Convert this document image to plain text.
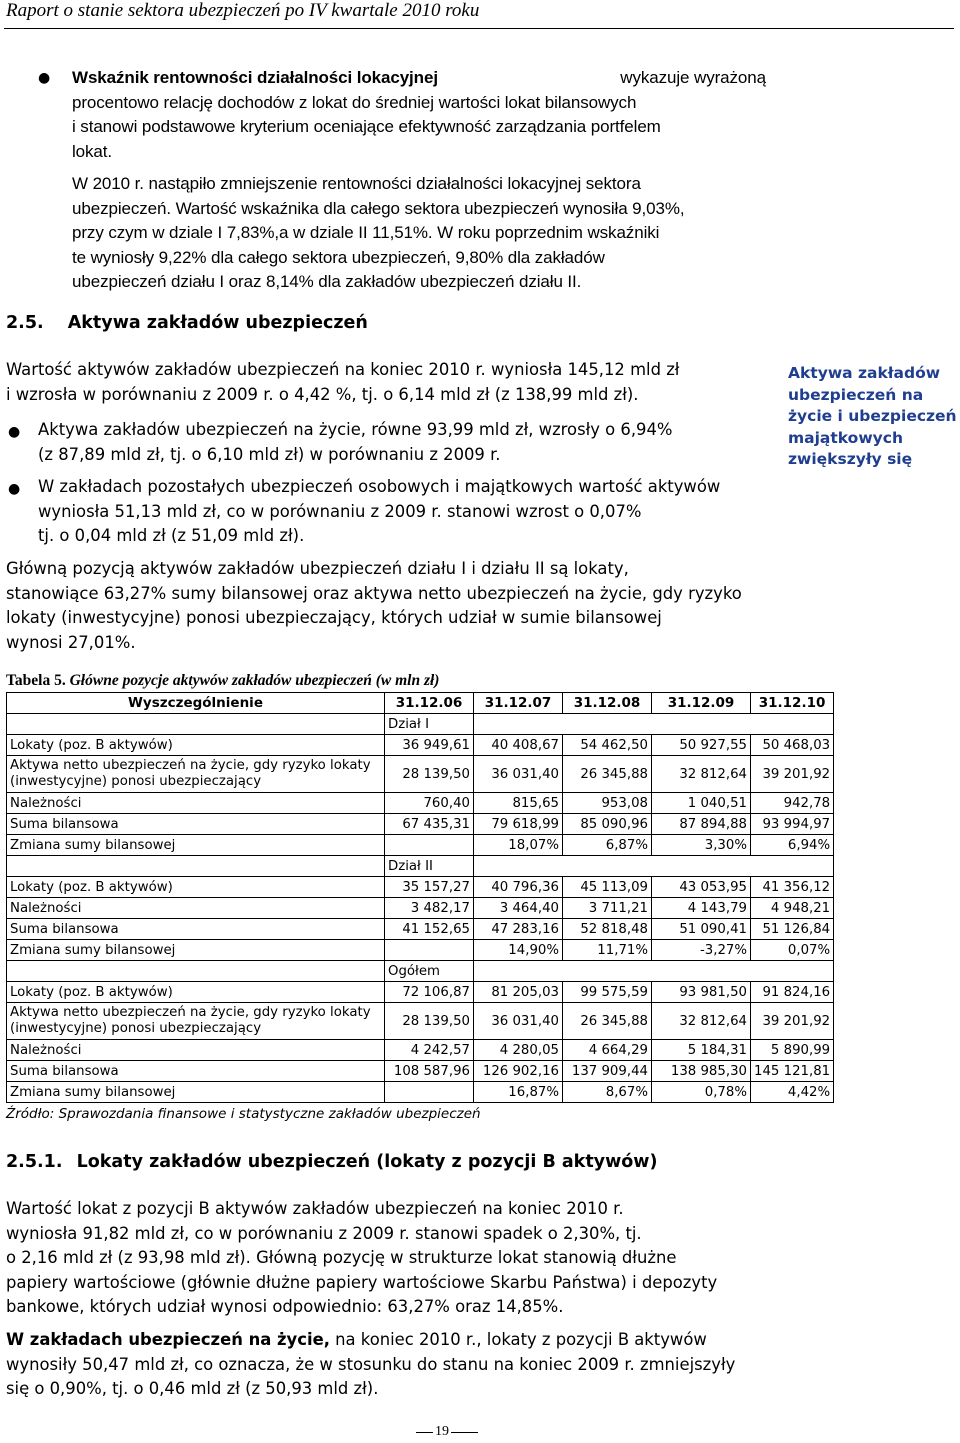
Raport o stanie sektora ubezpieczeń po IV kwartale 2010 roku
● Wskaźnik rentowności działalności lokacyjnej	wykazuje wyrażoną
procentowo relację dochodów z lokat do średniej wartości lokat bilansowych
i stanowi podstawowe kryterium oceniające efektywność zarządzania portfelem
lokat.
W 2010 r. nastąpiło zmniejszenie rentowności działalności lokacyjnej sektora
ubezpieczeń. Wartość wskaźnika dla całego sektora ubezpieczeń wynosiła 9,03%,
przy czym w dziale I 7,83%,a w dziale II 11,51%. W roku poprzednim wskaźniki
te wyniosły 9,22% dla całego sektora ubezpieczeń, 9,80% dla zakładów
ubezpieczeń działu I oraz 8,14% dla zakładów ubezpieczeń działu II.
2.5. Aktywa zakładów ubezpieczeń
Wartość aktywów zakładów ubezpieczeń na koniec 2010 r. wyniosła 145,12 mld zł
i wzrosła w porównaniu z 2009 r. o 4,42 %, tj. o 6,14 mld zł (z 138,99 mld zł).
● Aktywa zakładów ubezpieczeń na życie, równe 93,99 mld zł, wzrosły o 6,94%
(z 87,89 mld zł, tj. o 6,10 mld zł) w porównaniu z 2009 r.
● W zakładach pozostałych ubezpieczeń osobowych i majątkowych wartość aktywów
wyniosła 51,13 mld zł, co w porównaniu z 2009 r. stanowi wzrost o 0,07%
tj. o 0,04 mld zł (z 51,09 mld zł).
Główną pozycją aktywów zakładów ubezpieczeń działu I i działu II są lokaty,
stanowiące 63,27% sumy bilansowej oraz aktywa netto ubezpieczeń na życie, gdy ryzyko
lokaty (inwestycyjne) ponosi ubezpieczający, których udział w sumie bilansowej
wynosi 27,01%.
Aktywa zakładów ubezpieczeń na życie i ubezpieczeń majątkowych zwiększyły się
Tabela 5. Główne pozycje aktywów zakładów ubezpieczeń (w mln zł)
Wyszczególnienie	31.12.06	31.12.07	31.12.08	31.12.09	31.12.10
	Dział I				
Lokaty (poz. B aktywów)	36 949,61	40 408,67	54 462,50	50 927,55	50 468,03
Aktywa netto ubezpieczeń na życie, gdy ryzyko lokaty (inwestycyjne) ponosi ubezpieczający	28 139,50	36 031,40	26 345,88	32 812,64	39 201,92
Należności	760,40	815,65	953,08	1 040,51	942,78
Suma bilansowa	67 435,31	79 618,99	85 090,96	87 894,88	93 994,97
Zmiana sumy bilansowej		18,07%	6,87%	3,30%	6,94%
	Dział II				
Lokaty (poz. B aktywów)	35 157,27	40 796,36	45 113,09	43 053,95	41 356,12
Należności	3 482,17	3 464,40	3 711,21	4 143,79	4 948,21
Suma bilansowa	41 152,65	47 283,16	52 818,48	51 090,41	51 126,84
Zmiana sumy bilansowej		14,90%	11,71%	-3,27%	0,07%
	Ogółem				
Lokaty (poz. B aktywów)	72 106,87	81 205,03	99 575,59	93 981,50	91 824,16
Aktywa netto ubezpieczeń na życie, gdy ryzyko lokaty (inwestycyjne) ponosi ubezpieczający	28 139,50	36 031,40	26 345,88	32 812,64	39 201,92
Należności	4 242,57	4 280,05	4 664,29	5 184,31	5 890,99
Suma bilansowa	108 587,96	126 902,16	137 909,44	138 985,30	145 121,81
Zmiana sumy bilansowej		16,87%	8,67%	0,78%	4,42%
Źródło: Sprawozdania finansowe i statystyczne zakładów ubezpieczeń
2.5.1. Lokaty zakładów ubezpieczeń (lokaty z pozycji B aktywów)
Wartość lokat z pozycji B aktywów zakładów ubezpieczeń na koniec 2010 r.
wyniosła 91,82 mld zł, co w porównaniu z 2009 r. stanowi spadek o 2,30%, tj.
o 2,16 mld zł (z 93,98 mld zł). Główną pozycję w strukturze lokat stanowią dłużne
papiery wartościowe (głównie dłużne papiery wartościowe Skarbu Państwa) i depozyty
bankowe, których udział wynosi odpowiednio: 63,27% oraz 14,85%.
W zakładach ubezpieczeń na życie, na koniec 2010 r., lokaty z pozycji B aktywów
wynosiły 50,47 mld zł, co oznacza, że w stosunku do stanu na koniec 2009 r. zmniejszyły
się o 0,90%, tj. o 0,46 mld zł (z 50,93 mld zł).
19
